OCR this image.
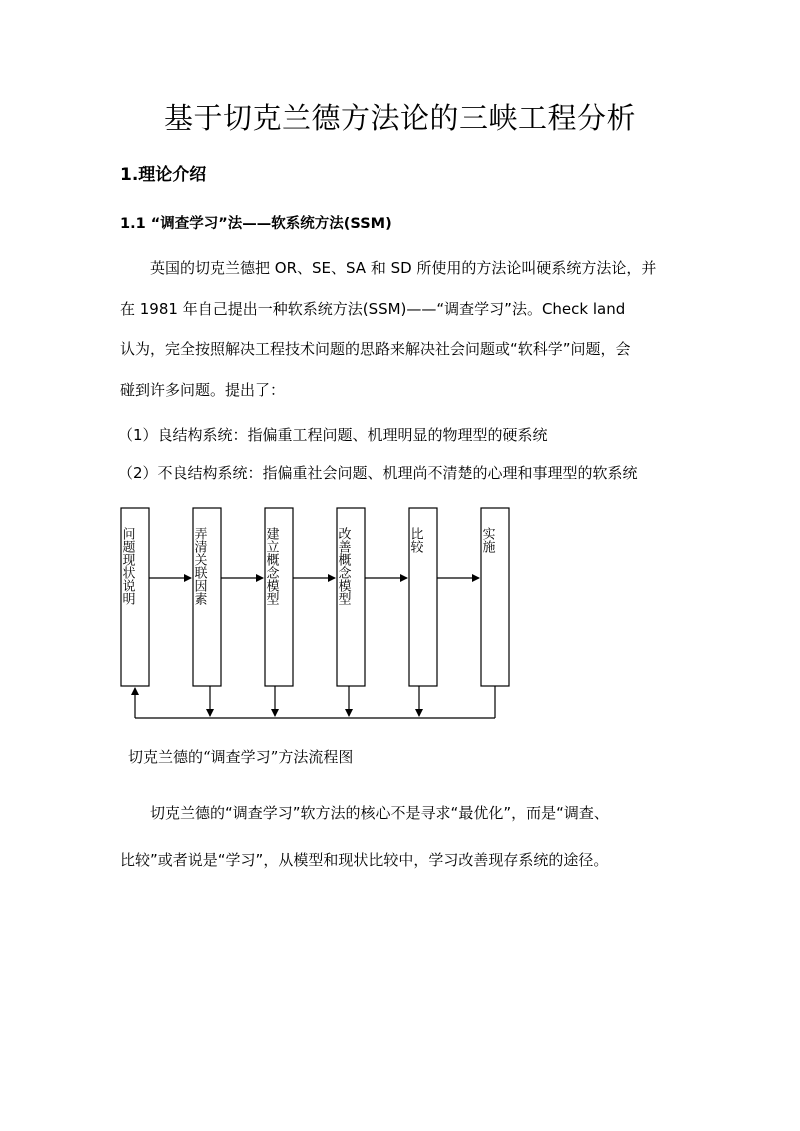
基于切克兰德方法论的三峡工程分析
1.理论介绍
1.1 “调查学习”法——软系统方法(SSM)
英国的切克兰德把 OR、SE、SA 和 SD 所使用的方法论叫硬系统方法论，并
在 1981 年自己提出一种软系统方法(SSM)——“调查学习”法。Check land
认为，完全按照解决工程技术问题的思路来解决社会问题或“软科学”问题，会
碰到许多问题。提出了：
（1）良结构系统：指偏重工程问题、机理明显的物理型的硬系统
（2）不良结构系统：指偏重社会问题、机理尚不清楚的心理和事理型的软系统
问题现状说明	弄清关联因素	建立概念模型	改善概念模型	比较	实施
切克兰德的“调查学习”方法流程图
切克兰德的“调查学习”软方法的核心不是寻求“最优化”，而是“调查、
比较”或者说是“学习”，从模型和现状比较中，学习改善现存系统的途径。
